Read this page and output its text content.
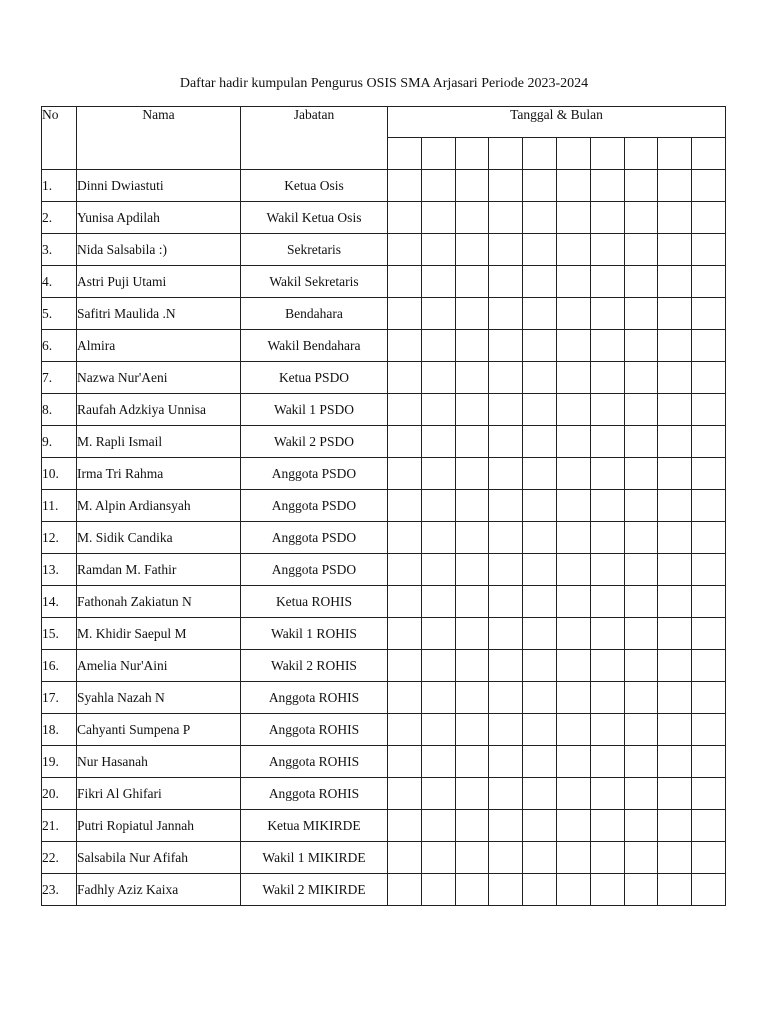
Daftar hadir kumpulan Pengurus OSIS SMA Arjasari Periode 2023-2024
No	Nama	Jabatan	Tanggal & Bulan									

1.	Dinni Dwiastuti	Ketua Osis										
2.	Yunisa Apdilah	Wakil Ketua Osis										
3.	Nida Salsabila :)	Sekretaris										
4.	Astri Puji Utami	Wakil Sekretaris										
5.	Safitri Maulida .N	Bendahara										
6.	Almira	Wakil Bendahara										
7.	Nazwa Nur'Aeni	Ketua PSDO										
8.	Raufah Adzkiya Unnisa	Wakil 1 PSDO										
9.	M. Rapli Ismail	Wakil 2 PSDO										
10.	Irma Tri Rahma	Anggota PSDO										
11.	M. Alpin Ardiansyah	Anggota PSDO										
12.	M. Sidik Candika	Anggota PSDO										
13.	Ramdan M. Fathir	Anggota PSDO										
14.	Fathonah Zakiatun N	Ketua ROHIS										
15.	M. Khidir Saepul M	Wakil 1 ROHIS										
16.	Amelia Nur'Aini	Wakil 2 ROHIS										
17.	Syahla Nazah N	Anggota ROHIS										
18.	Cahyanti Sumpena P	Anggota ROHIS										
19.	Nur Hasanah	Anggota ROHIS										
20.	Fikri Al Ghifari	Anggota ROHIS										
21.	Putri Ropiatul Jannah	Ketua MIKIRDE										
22.	Salsabila Nur Afifah	Wakil 1 MIKIRDE										
23.	Fadhly Aziz Kaixa	Wakil 2 MIKIRDE										
